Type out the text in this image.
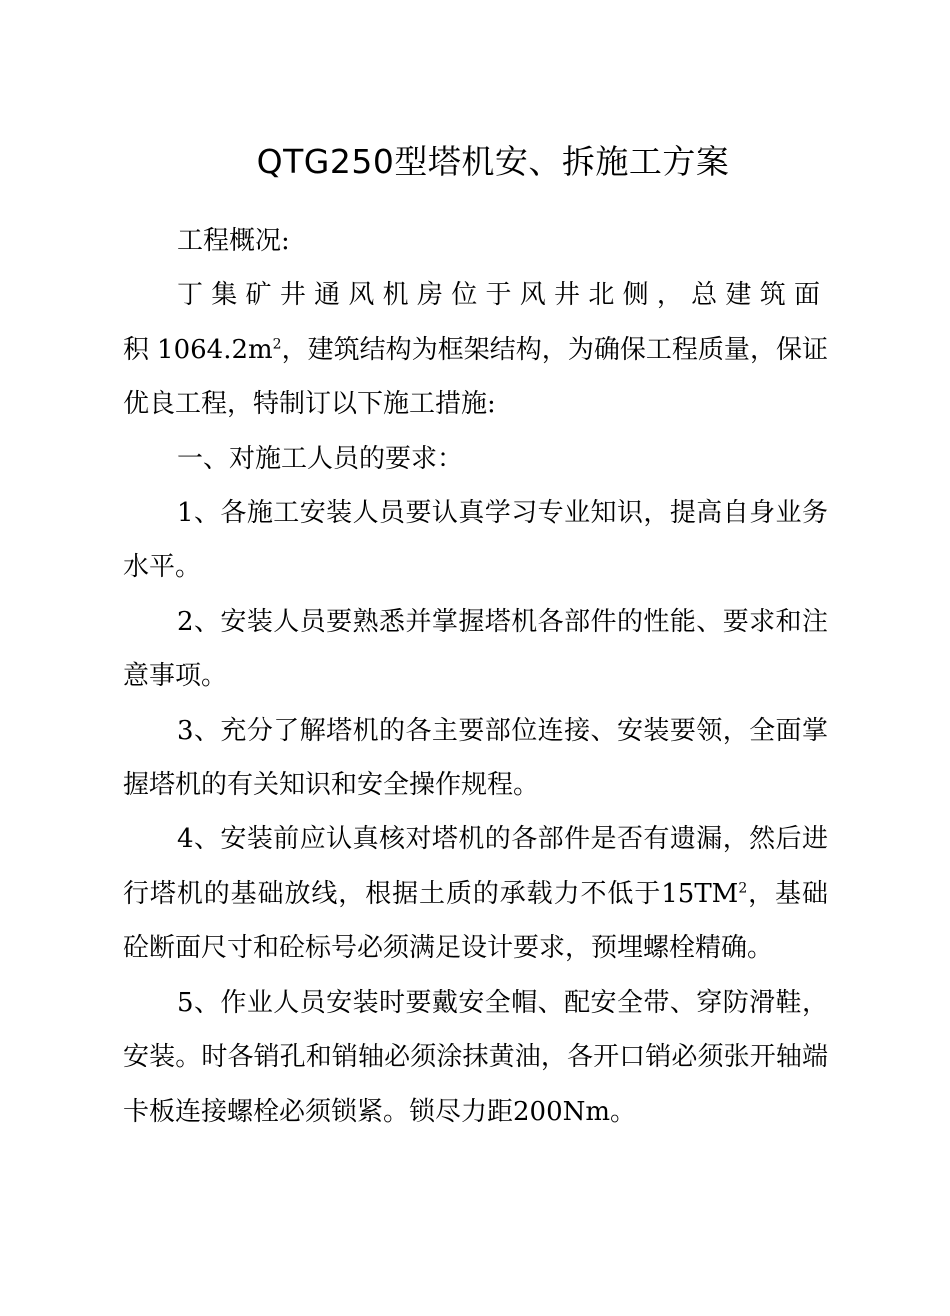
QTG250型塔机安、拆施工方案

工程概况:

丁集矿井通风机房位于风井北侧，总建筑面积$1064.2m^2$，建筑结构为框架结构，为确保工程质量，保证优良工程，特制订以下施工措施:

一、对施工人员的要求：

1、各施工安装人员要认真学习专业知识，提高自身业务水平。

2、安装人员要熟悉并掌握塔机各部件的性能、要求和注意事项。

3、充分了解塔机的各主要部位连接、安装要领，全面掌握塔机的有关知识和安全操作规程。

4、安装前应认真核对塔机的各部件是否有遗漏，然后进行塔机的基础放线，根据土质的承载力不低于$15TM^2$，基础砼断面尺寸和砼标号必须满足设计要求，预埋螺栓精确。

5、作业人员安装时要戴安全帽、配安全带、穿防滑鞋，安装。时各销孔和销轴必须涂抹黄油，各开口销必须张开轴端卡板连接螺栓必须锁紧。锁尽力距200Nm。
